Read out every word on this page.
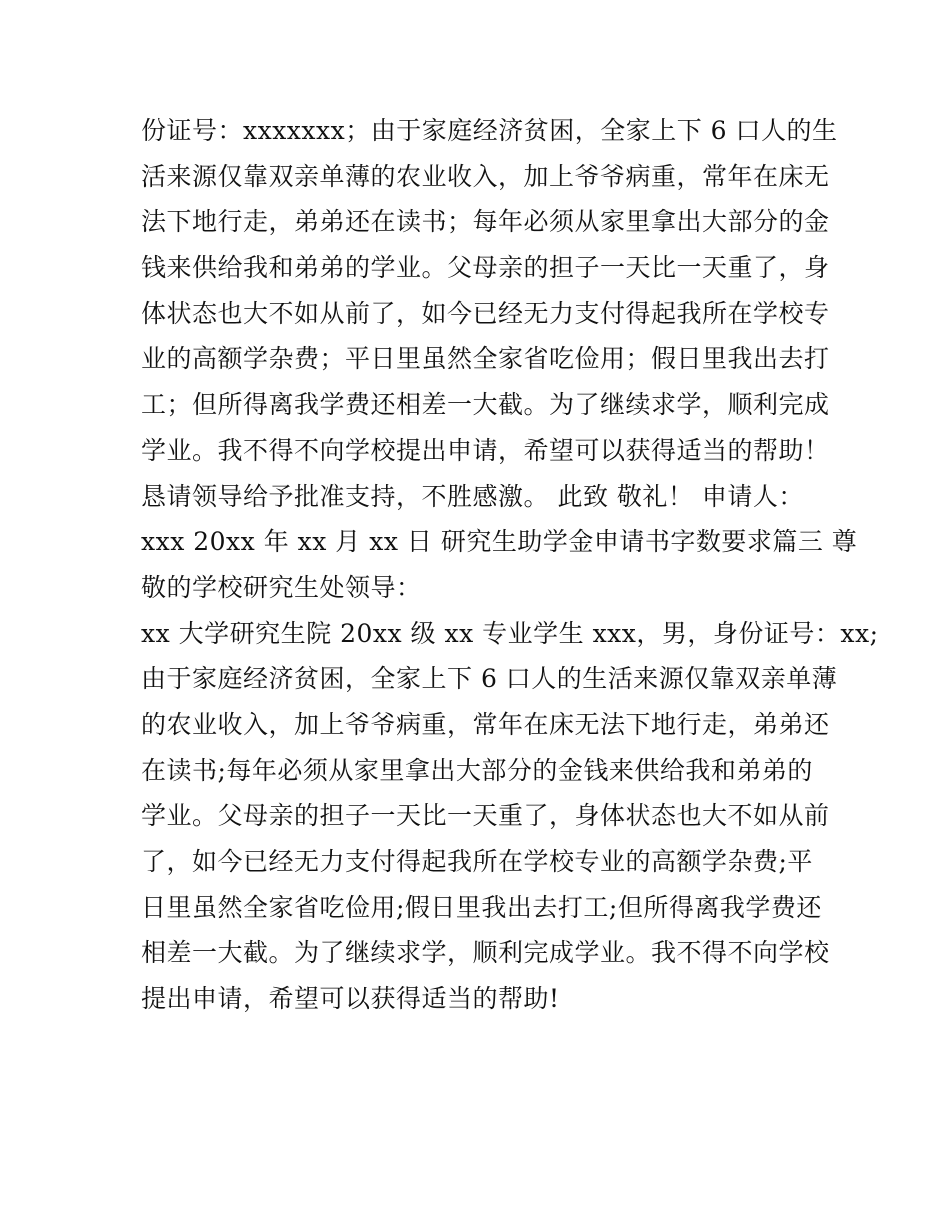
份证号：xxxxxxx；由于家庭经济贫困，全家上下 6 口人的生
活来源仅靠双亲单薄的农业收入，加上爷爷病重，常年在床无
法下地行走，弟弟还在读书；每年必须从家里拿出大部分的金
钱来供给我和弟弟的学业。父母亲的担子一天比一天重了，身
体状态也大不如从前了，如今已经无力支付得起我所在学校专
业的高额学杂费；平日里虽然全家省吃俭用；假日里我出去打
工；但所得离我学费还相差一大截。为了继续求学，顺利完成
学业。我不得不向学校提出申请，希望可以获得适当的帮助！
恳请领导给予批准支持，不胜感激。 此致 敬礼！ 申请人：
xxx 20xx 年 xx 月 xx 日 研究生助学金申请书字数要求篇三 尊
敬的学校研究生处领导：
xx 大学研究生院 20xx 级 xx 专业学生 xxx，男，身份证号：xx;
由于家庭经济贫困，全家上下 6 口人的生活来源仅靠双亲单薄
的农业收入，加上爷爷病重，常年在床无法下地行走，弟弟还
在读书;每年必须从家里拿出大部分的金钱来供给我和弟弟的
学业。父母亲的担子一天比一天重了，身体状态也大不如从前
了，如今已经无力支付得起我所在学校专业的高额学杂费;平
日里虽然全家省吃俭用;假日里我出去打工;但所得离我学费还
相差一大截。为了继续求学，顺利完成学业。我不得不向学校
提出申请，希望可以获得适当的帮助!
